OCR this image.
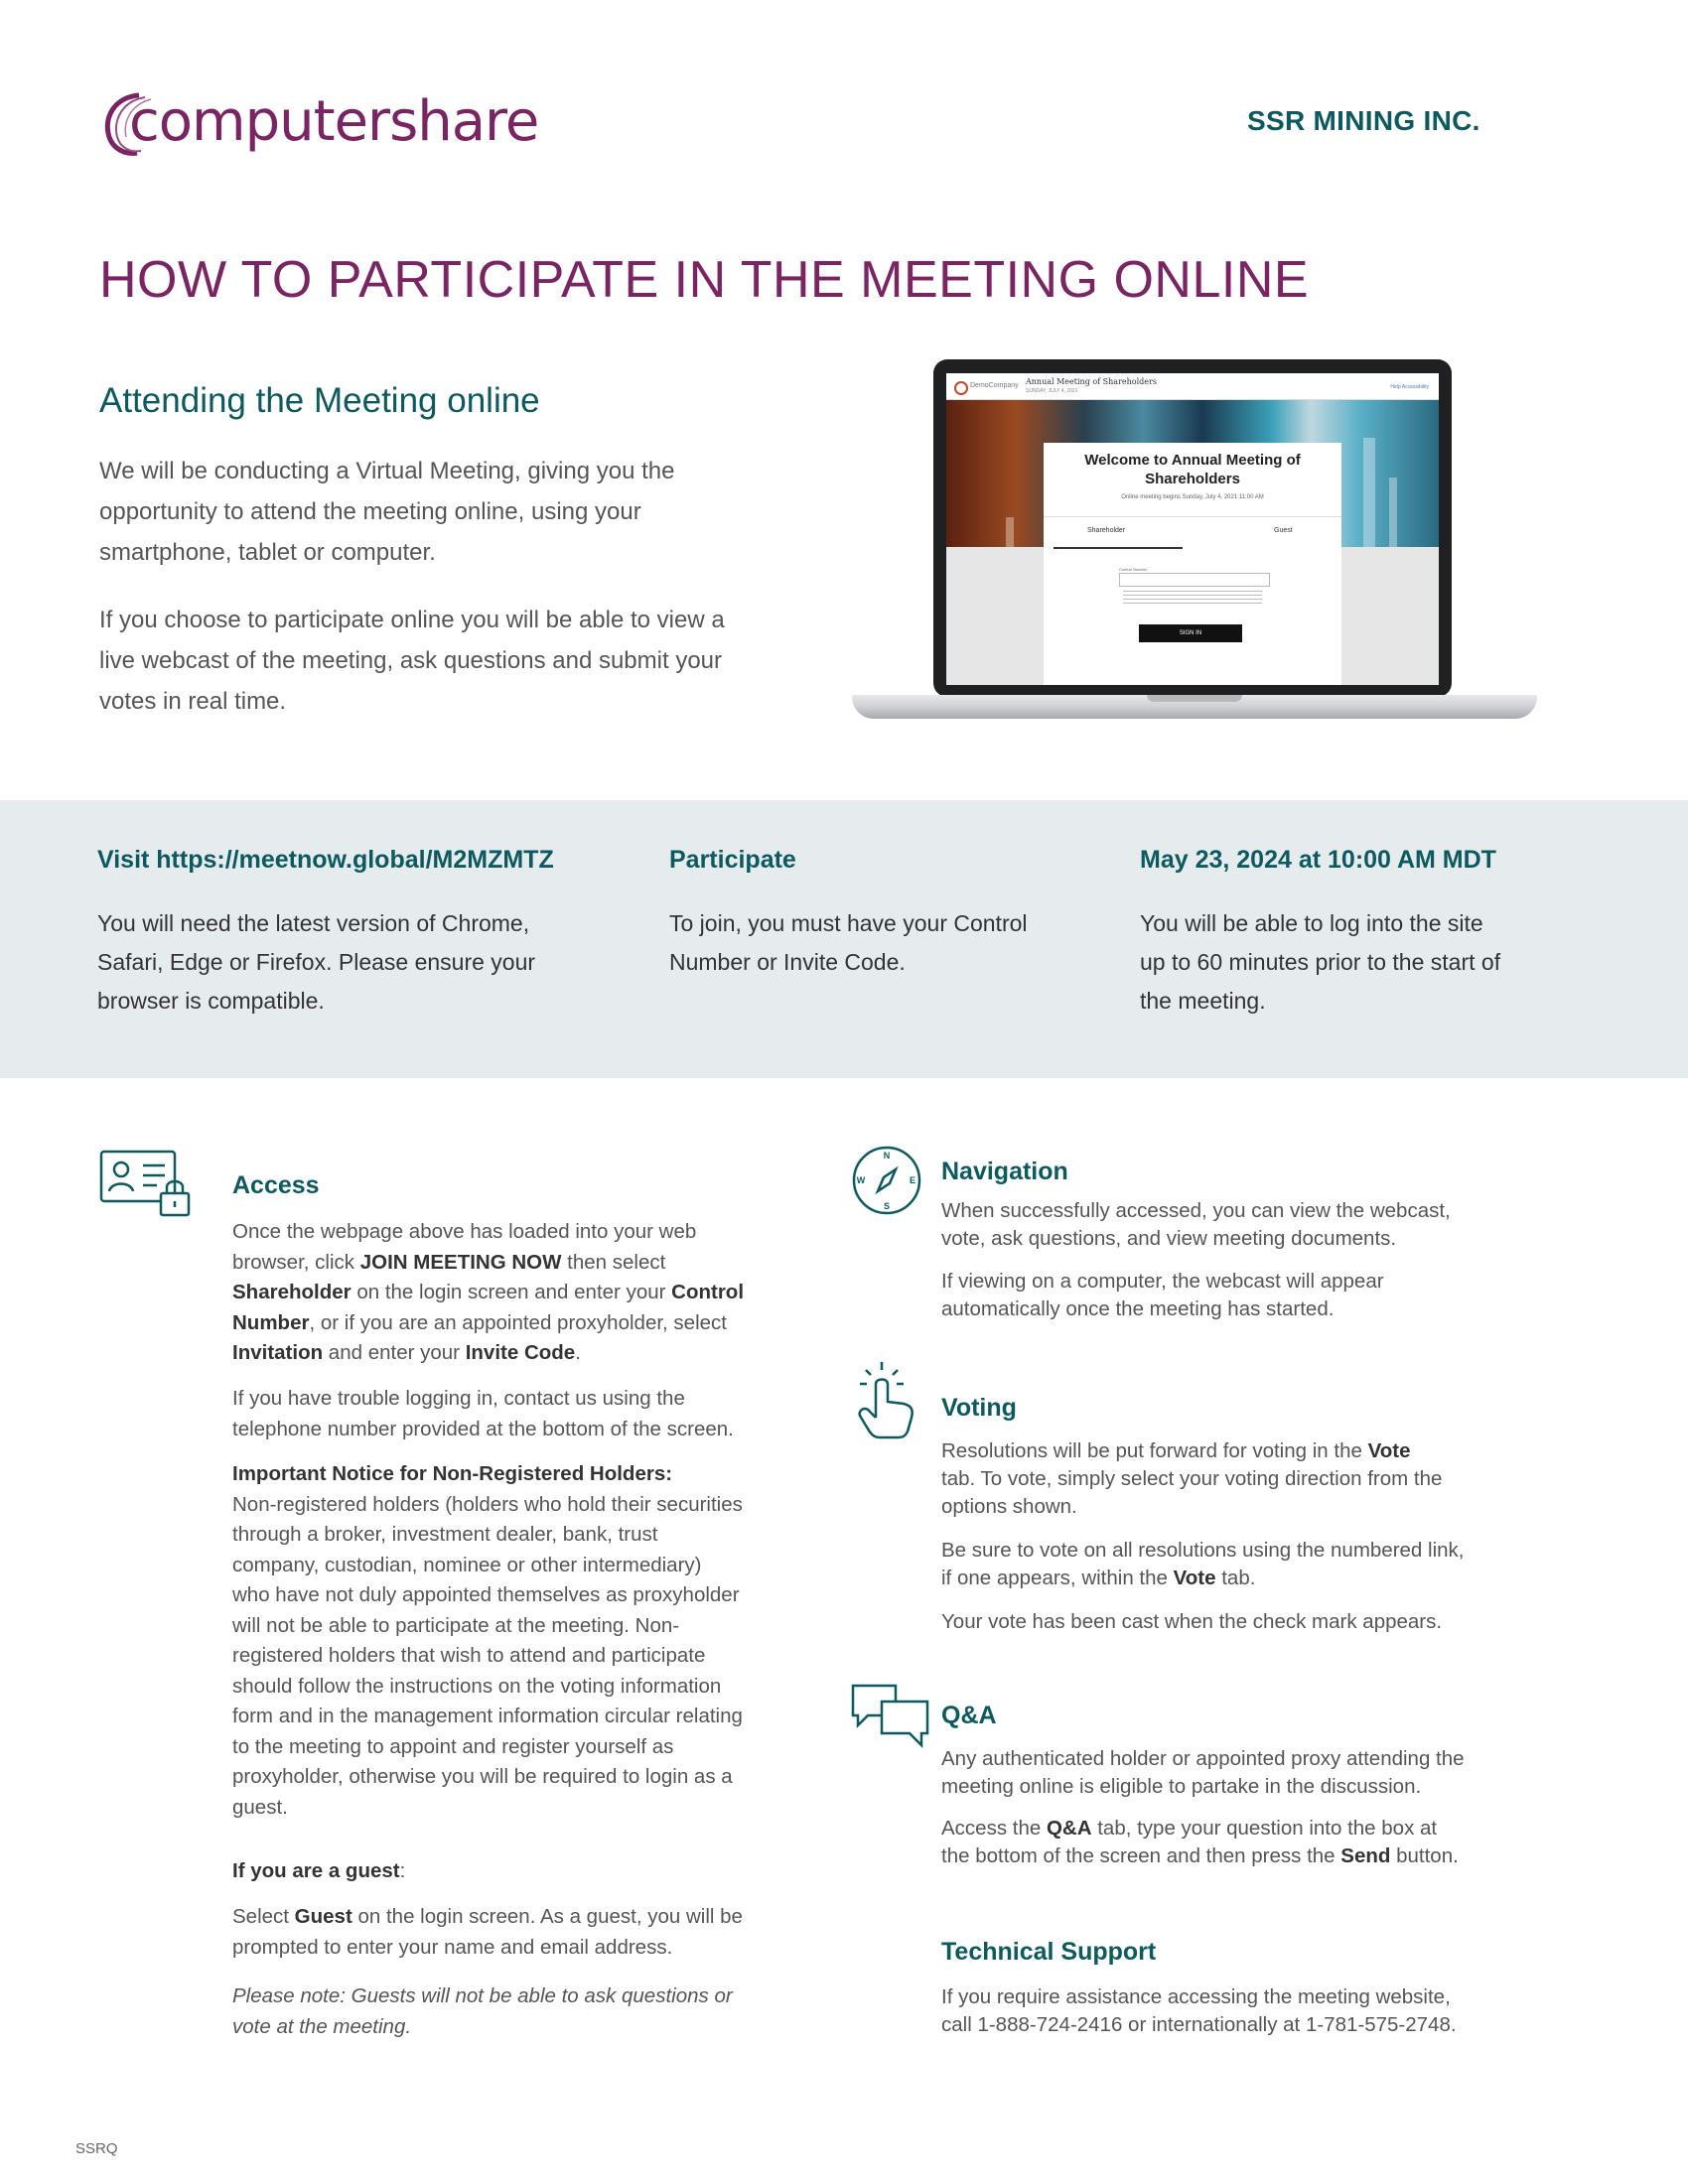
computershare	SSR MINING INC.
HOW TO PARTICIPATE IN THE MEETING ONLINE
Attending the Meeting online
We will be conducting a Virtual Meeting, giving you the
opportunity to attend the meeting online, using your
smartphone, tablet or computer.
If you choose to participate online you will be able to view a
live webcast of the meeting, ask questions and submit your
votes in real time.
DemoCompany Annual Meeting of Shareholders
SUNDAY, JULY 4, 2021
Help Accessibility
Welcome to Annual Meeting of
Shareholders
Online meeting begins Sunday, July 4, 2021 11:00 AM
Shareholder	Guest
Control Number
SIGN IN
Visit https://meetnow.global/M2MZMTZ
You will need the latest version of Chrome,
Safari, Edge or Firefox. Please ensure your
browser is compatible.
Participate
To join, you must have your Control
Number or Invite Code.
May 23, 2024 at 10:00 AM MDT
You will be able to log into the site
up to 60 minutes prior to the start of
the meeting.
Access
Once the webpage above has loaded into your web
browser, click JOIN MEETING NOW then select
Shareholder on the login screen and enter your Control
Number, or if you are an appointed proxyholder, select
Invitation and enter your Invite Code.
If you have trouble logging in, contact us using the
telephone number provided at the bottom of the screen.
Important Notice for Non-Registered Holders:
Non-registered holders (holders who hold their securities
through a broker, investment dealer, bank, trust
company, custodian, nominee or other intermediary)
who have not duly appointed themselves as proxyholder
will not be able to participate at the meeting. Non-
registered holders that wish to attend and participate
should follow the instructions on the voting information
form and in the management information circular relating
to the meeting to appoint and register yourself as
proxyholder, otherwise you will be required to login as a
guest.
If you are a guest:
Select Guest on the login screen. As a guest, you will be
prompted to enter your name and email address.
Please note: Guests will not be able to ask questions or
vote at the meeting.
N
S
E
W	Navigation
When successfully accessed, you can view the webcast,
vote, ask questions, and view meeting documents.
If viewing on a computer, the webcast will appear
automatically once the meeting has started.
Voting
Resolutions will be put forward for voting in the Vote
tab. To vote, simply select your voting direction from the
options shown.
Be sure to vote on all resolutions using the numbered link,
if one appears, within the Vote tab.
Your vote has been cast when the check mark appears.
Q&A
Any authenticated holder or appointed proxy attending the
meeting online is eligible to partake in the discussion.
Access the Q&A tab, type your question into the box at
the bottom of the screen and then press the Send button.
Technical Support
If you require assistance accessing the meeting website,
call 1-888-724-2416 or internationally at 1-781-575-2748.
SSRQ
